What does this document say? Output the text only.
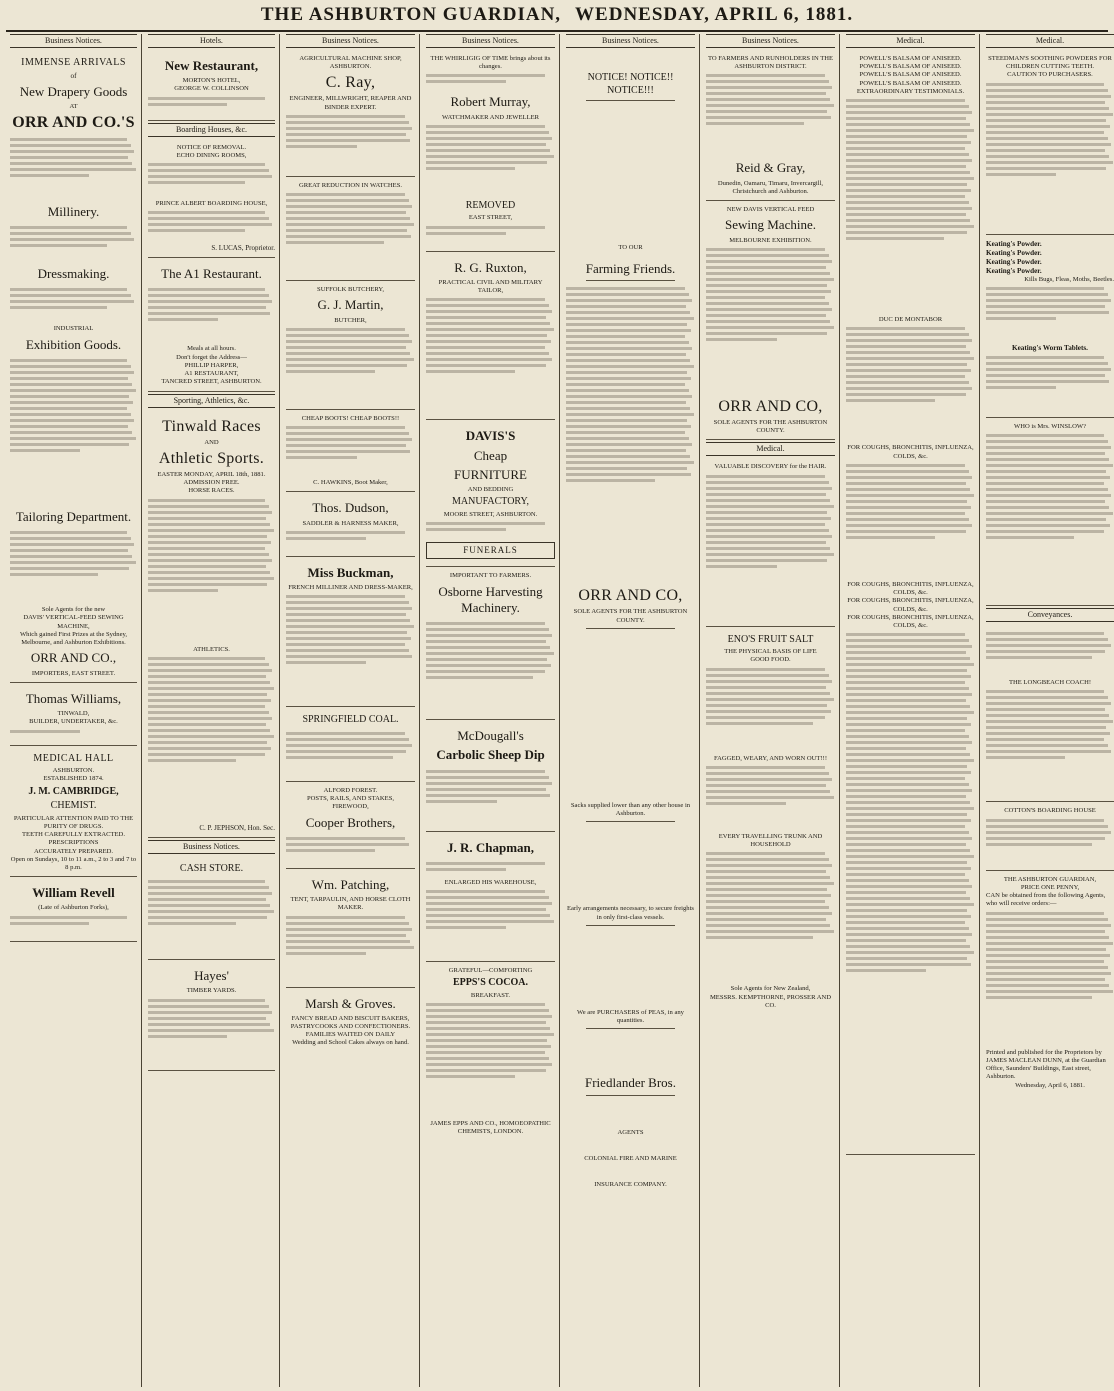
THE ASHBURTON GUARDIAN, WEDNESDAY, APRIL 6, 1881.
Business Notices.
IMMENSE ARRIVALS
of
New Drapery Goods
AT
ORR AND CO.'S
Millinery.
Dressmaking.
INDUSTRIAL
Exhibition Goods.
Tailoring Department.
Sole Agents for the new
DAVIS' VERTICAL-FEED SEWING MACHINE,
Which gained First Prizes at the Sydney, Melbourne, and Ashburton Exhibitions.
ORR AND CO.,
IMPORTERS, EAST STREET.
Thomas Williams,
TINWALD,
BUILDER, UNDERTAKER, &c.
MEDICAL HALL
ASHBURTON.
ESTABLISHED 1874.
J. M. CAMBRIDGE,
CHEMIST.
PARTICULAR ATTENTION PAID TO THE PURITY OF DRUGS.
TEETH CAREFULLY EXTRACTED.
PRESCRIPTIONS
ACCURATELY PREPARED.
Open on Sundays, 10 to 11 a.m., 2 to 3 and 7 to 8 p.m.
William Revell
(Late of Ashburton Forks),
Hotels.
New Restaurant,
MORTON'S HOTEL,
GEORGE W. COLLINSON
Boarding Houses, &c.
NOTICE OF REMOVAL.
ECHO DINING ROOMS,
PRINCE ALBERT BOARDING HOUSE,
S. LUCAS, Proprietor.
The A1 Restaurant.
Meals at all hours.
Don't forget the Address—
PHILLIP HARPER,
A1 RESTAURANT,
TANCRED STREET, ASHBURTON.
Sporting, Athletics, &c.
Tinwald Races
AND
Athletic Sports.
EASTER MONDAY, APRIL 18th, 1881.
ADMISSION FREE.
HORSE RACES.
ATHLETICS.
C. P. JEPHSON, Hon. Sec.
Business Notices.
CASH STORE.
Hayes'
TIMBER YARDS.
Business Notices.
AGRICULTURAL MACHINE SHOP, ASHBURTON.
C. Ray,
ENGINEER, MILLWRIGHT, REAPER AND BINDER EXPERT.
GREAT REDUCTION IN WATCHES.
SUFFOLK BUTCHERY,
G. J. Martin,
BUTCHER,
CHEAP BOOTS! CHEAP BOOTS!!
C. HAWKINS, Boot Maker,
Thos. Dudson,
SADDLER & HARNESS MAKER,
Miss Buckman,
FRENCH MILLINER AND DRESS-MAKER,
SPRINGFIELD COAL.
ALFORD FOREST.
POSTS, RAILS, AND STAKES,
FIREWOOD,
Cooper Brothers,
Wm. Patching,
TENT, TARPAULIN, AND HORSE CLOTH MAKER.
Marsh & Groves.
FANCY BREAD AND BISCUIT BAKERS,
PASTRYCOOKS AND CONFECTIONERS.
FAMILIES WAITED ON DAILY
Wedding and School Cakes always on hand.
Business Notices.
THE WHIRLIGIG OF TIME brings about its changes.
Robert Murray,
WATCHMAKER AND JEWELLER
REMOVED
EAST STREET,
R. G. Ruxton,
PRACTICAL CIVIL AND MILITARY TAILOR,
DAVIS'S
Cheap
FURNITURE
AND BEDDING
MANUFACTORY,
MOORE STREET, ASHBURTON.
FUNERALS
IMPORTANT TO FARMERS.
Osborne Harvesting Machinery.
McDougall's
Carbolic Sheep Dip
J. R. Chapman,
ENLARGED HIS WAREHOUSE,
GRATEFUL—COMFORTING
EPPS'S COCOA.
BREAKFAST.
JAMES EPPS AND CO., HOMOEOPATHIC CHEMISTS, LONDON.
Business Notices.
NOTICE! NOTICE!! NOTICE!!!
TO OUR
Farming Friends.
ORR AND CO,
SOLE AGENTS FOR THE ASHBURTON COUNTY.
Sacks supplied lower than any other house in Ashburton.
Early arrangements necessary, to secure freights in only first-class vessels.
We are PURCHASERS of PEAS, in any quantities.
Friedlander Bros.
AGENTS
COLONIAL FIRE AND MARINE
INSURANCE COMPANY.
Business Notices.
TO FARMERS AND RUNHOLDERS IN THE ASHBURTON DISTRICT.
Reid & Gray,
Dunedin, Oamaru, Timaru, Invercargill, Christchurch and Ashburton.
NEW DAVIS VERTICAL FEED
Sewing Machine.
MELBOURNE EXHIBITION.
ORR AND CO,
SOLE AGENTS FOR THE ASHBURTON COUNTY.
Medical.
VALUABLE DISCOVERY for the HAIR.
ENO'S FRUIT SALT
THE PHYSICAL BASIS OF LIFE
GOOD FOOD.
FAGGED, WEARY, AND WORN OUT!!!
EVERY TRAVELLING TRUNK AND HOUSEHOLD
Sole Agents for New Zealand,
MESSRS. KEMPTHORNE, PROSSER AND CO.
Medical.
POWELL'S BALSAM OF ANISEED.
POWELL'S BALSAM OF ANISEED.
POWELL'S BALSAM OF ANISEED.
POWELL'S BALSAM OF ANISEED.
EXTRAORDINARY TESTIMONIALS.
DUC DE MONTABOR
FOR COUGHS, BRONCHITIS, INFLUENZA, COLDS, &c.
FOR COUGHS, BRONCHITIS, INFLUENZA, COLDS, &c.
FOR COUGHS, BRONCHITIS, INFLUENZA, COLDS, &c.
FOR COUGHS, BRONCHITIS, INFLUENZA, COLDS, &c.
Medical.
STEEDMAN'S SOOTHING POWDERS FOR CHILDREN CUTTING TEETH.
CAUTION TO PURCHASERS.
Keating's Powder.
Keating's Powder.
Keating's Powder.
Keating's Powder.
Kills Bugs, Fleas, Moths, Beetles.
Keating's Worm Tablets.
WHO is Mrs. WINSLOW?
Conveyances.
THE LONGBEACH COACH!
COTTON'S BOARDING HOUSE
THE ASHBURTON GUARDIAN,
PRICE ONE PENNY,
CAN be obtained from the following Agents, who will receive orders:—
Printed and published for the Proprietors by JAMES MACLEAN DUNN, at the Guardian Office, Saunders' Buildings, East street, Ashburton.
Wednesday, April 6, 1881.
